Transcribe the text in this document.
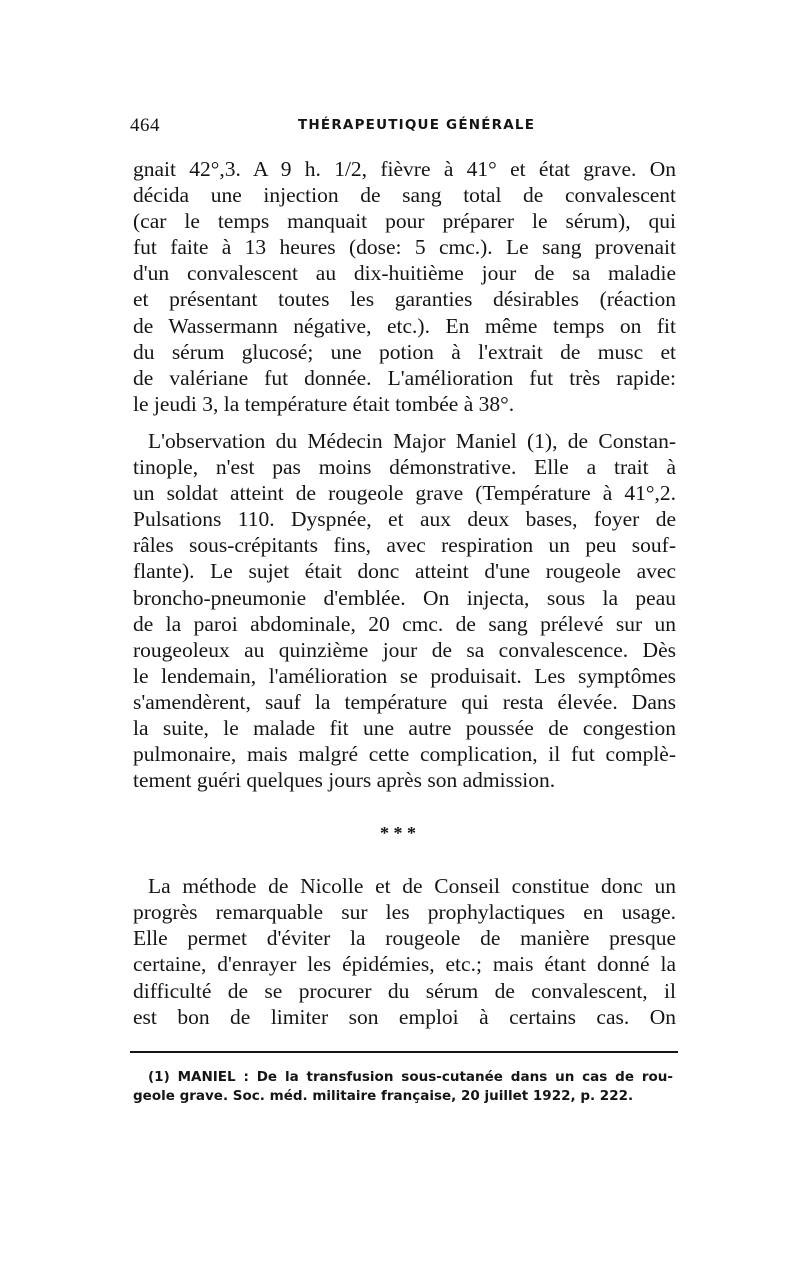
464	THÉRAPEUTIQUE GÉNÉRALE
gnait 42°,3. A 9 h. 1/2, fièvre à 41° et état grave. On
décida une injection de sang total de convalescent
(car le temps manquait pour préparer le sérum), qui
fut faite à 13 heures (dose: 5 cmc.). Le sang provenait
d'un convalescent au dix-huitième jour de sa maladie
et présentant toutes les garanties désirables (réaction
de Wassermann négative, etc.). En même temps on fit
du sérum glucosé; une potion à l'extrait de musc et
de valériane fut donnée. L'amélioration fut très rapide:
le jeudi 3, la température était tombée à 38°.
L'observation du Médecin Major Maniel (1), de Constan-
tinople, n'est pas moins démonstrative. Elle a trait à
un soldat atteint de rougeole grave (Température à 41°,2.
Pulsations 110. Dyspnée, et aux deux bases, foyer de
râles sous-crépitants fins, avec respiration un peu souf-
flante). Le sujet était donc atteint d'une rougeole avec
broncho-pneumonie d'emblée. On injecta, sous la peau
de la paroi abdominale, 20 cmc. de sang prélevé sur un
rougeoleux au quinzième jour de sa convalescence. Dès
le lendemain, l'amélioration se produisait. Les symptômes
s'amendèrent, sauf la température qui resta élevée. Dans
la suite, le malade fit une autre poussée de congestion
pulmonaire, mais malgré cette complication, il fut complè-
tement guéri quelques jours après son admission.
* * *
La méthode de Nicolle et de Conseil constitue donc un
progrès remarquable sur les prophylactiques en usage.
Elle permet d'éviter la rougeole de manière presque
certaine, d'enrayer les épidémies, etc.; mais étant donné la
difficulté de se procurer du sérum de convalescent, il
est bon de limiter son emploi à certains cas. On
(1) MANIEL : De la transfusion sous-cutanée dans un cas de rou-
geole grave. Soc. méd. militaire française, 20 juillet 1922, p. 222.
